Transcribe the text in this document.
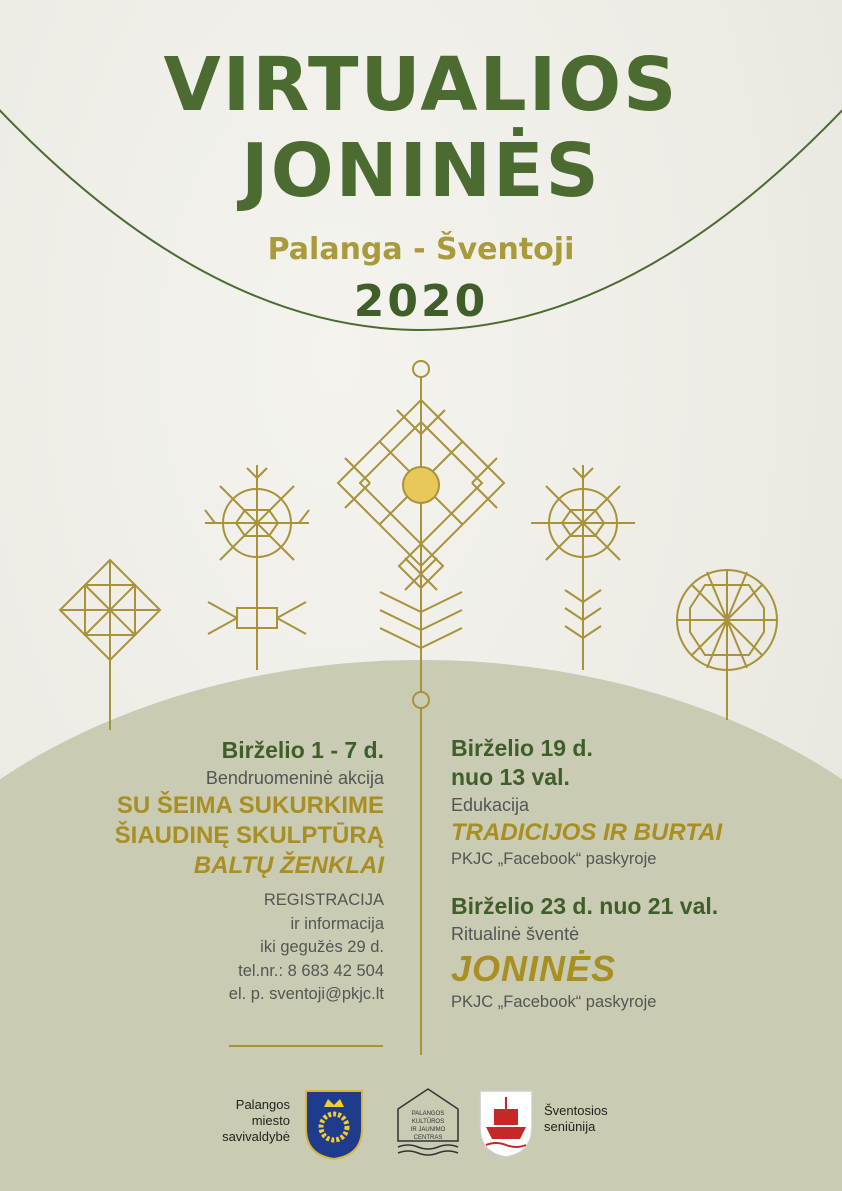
VIRTUALIOS
JONINĖS
Palanga - Šventoji
2020
Birželio 1 - 7 d.
Bendruomeninė akcija
SU ŠEIMA SUKURKIME
ŠIAUDINĘ SKULPTŪRĄ
BALTŲ ŽENKLAI
REGISTRACIJA
ir informacija
iki gegužės 29 d.
tel.nr.: 8 683 42 504
el. p. sventoji@pkjc.lt
Birželio 19 d.
nuo 13 val.
Edukacija
TRADICIJOS IR BURTAI
PKJC „Facebook“ paskyroje
Birželio 23 d. nuo 21 val.
Ritualinė šventė
JONINĖS
PKJC „Facebook“ paskyroje
Palangos
miesto
savivaldybė
PALANGOS
KULTŪROS
IR JAUNIMO
CENTRAS
Šventosios
seniūnija
